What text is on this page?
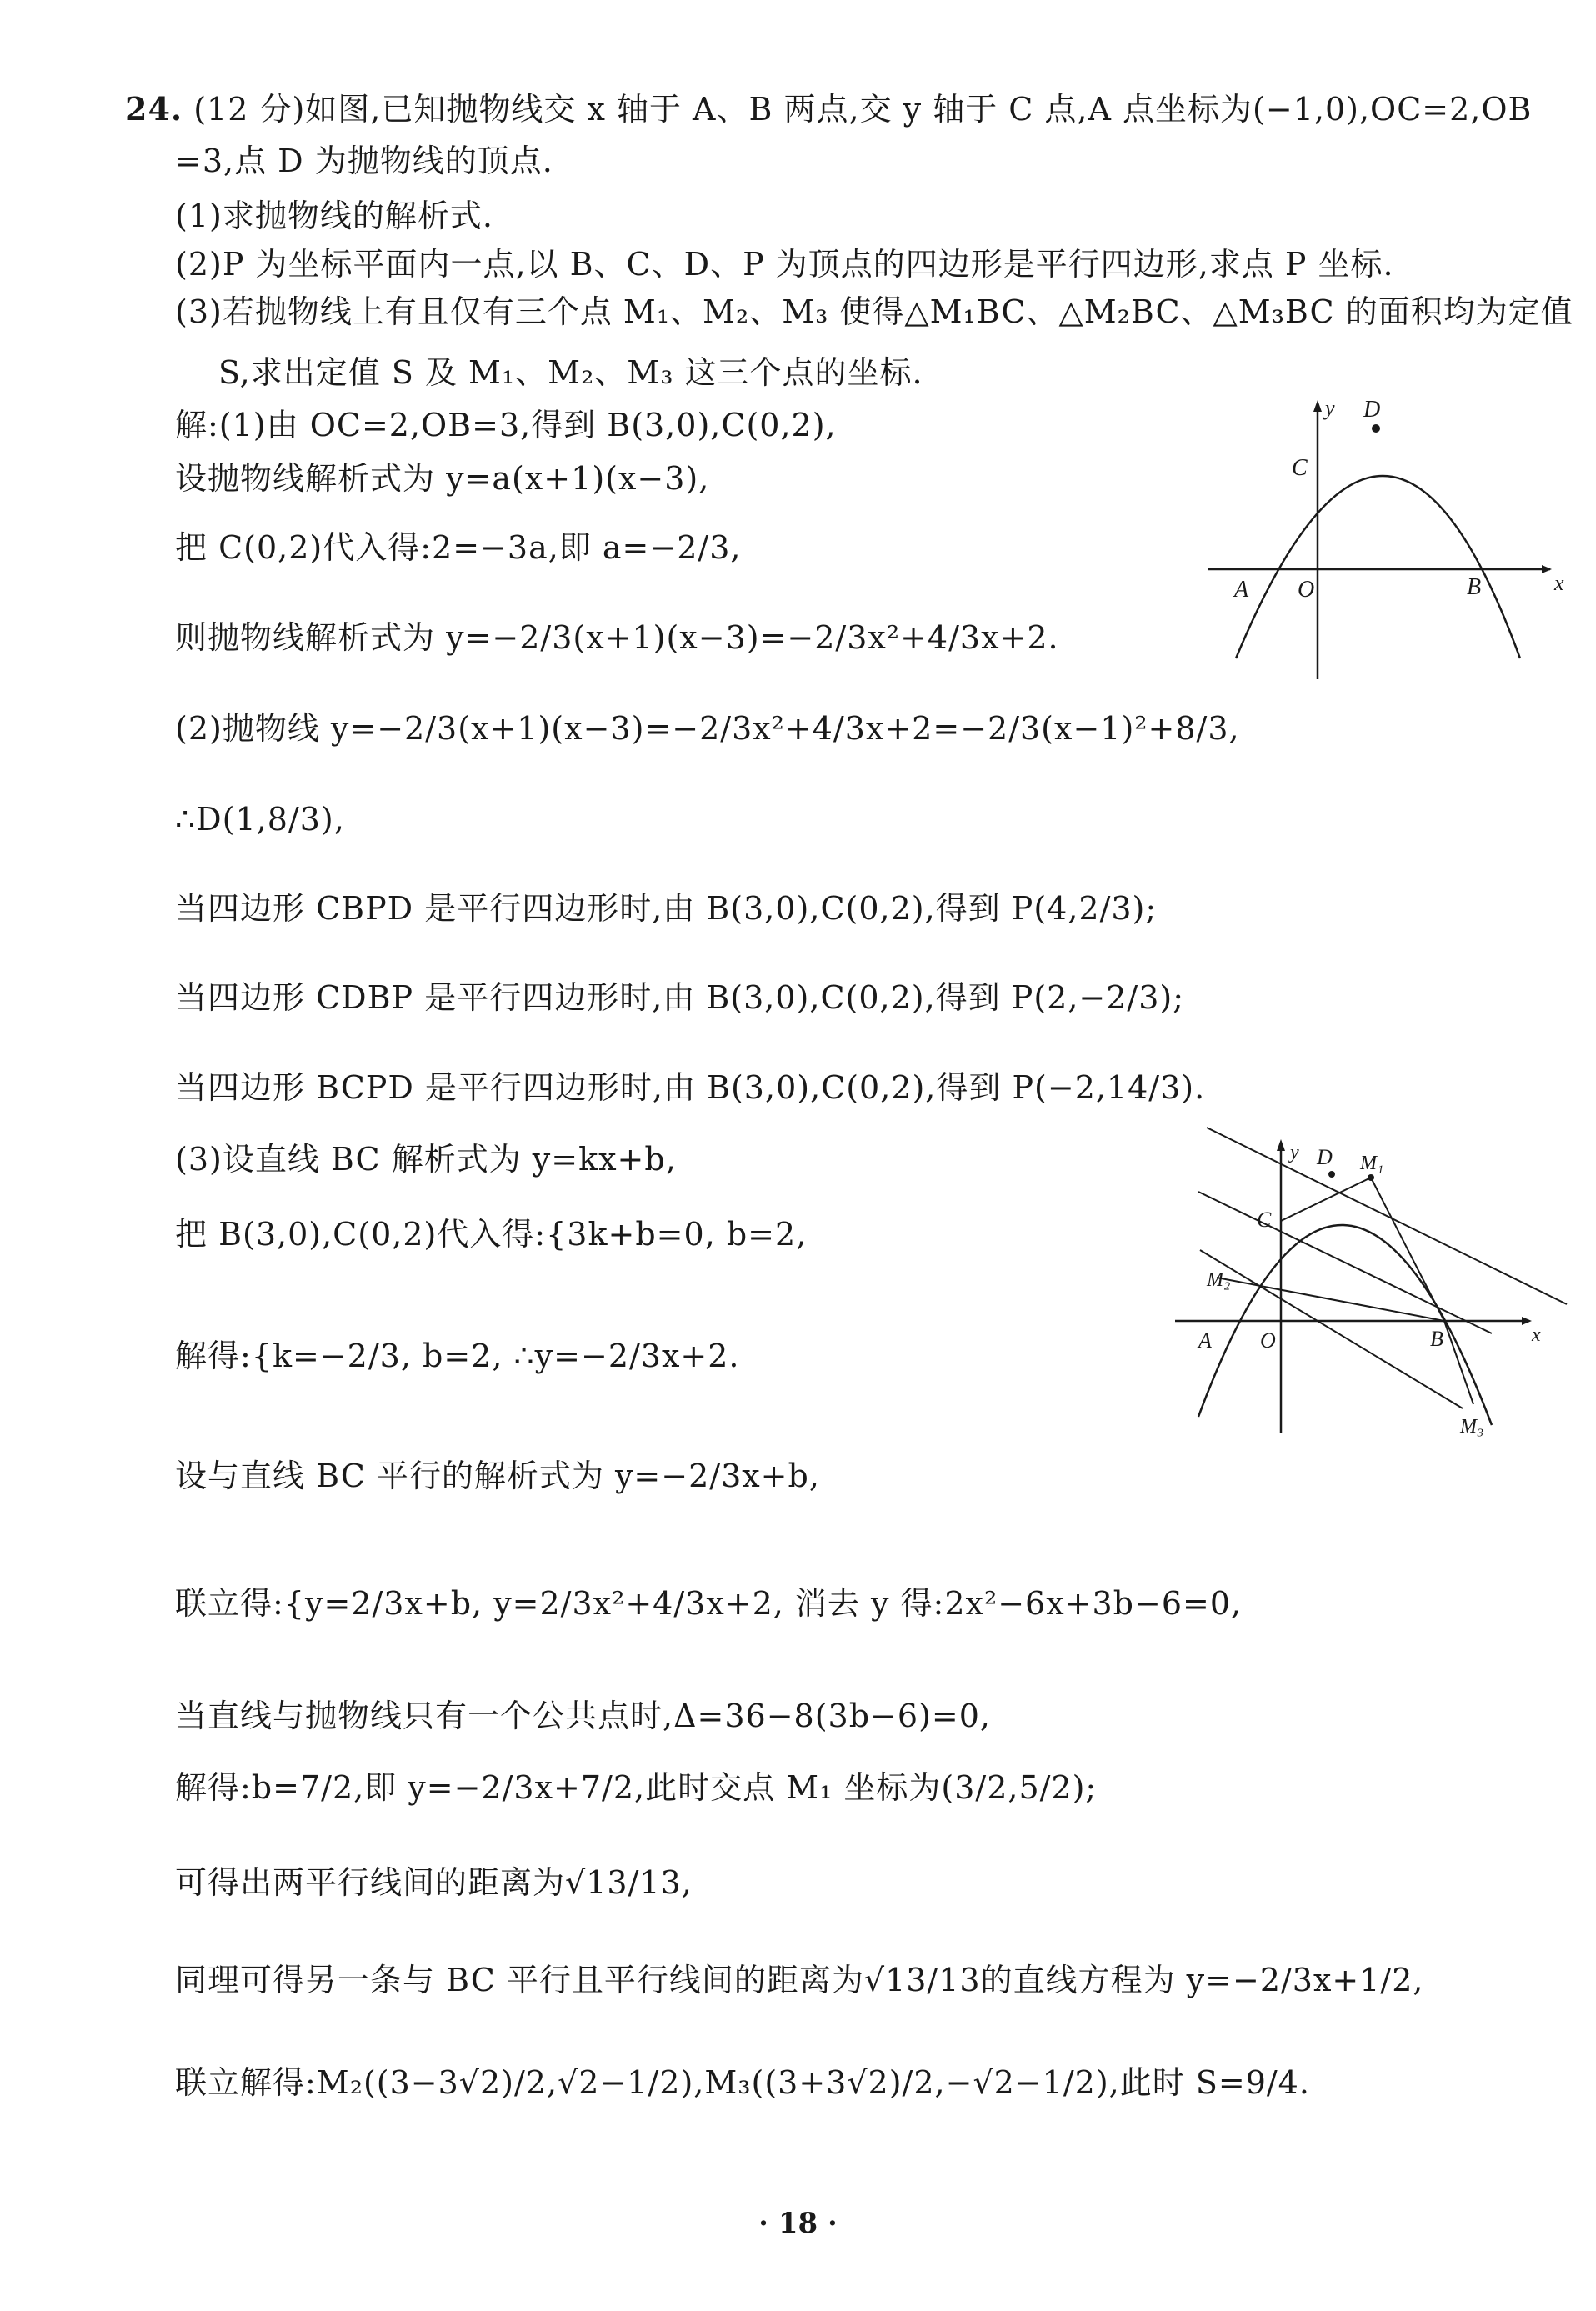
24. (12 分)如图,已知抛物线交 x 轴于 A、B 两点,交 y 轴于 C 点,A 点坐标为(−1,0),OC=2,OB
=3,点 D 为抛物线的顶点.
(1)求抛物线的解析式.
(2)P 为坐标平面内一点,以 B、C、D、P 为顶点的四边形是平行四边形,求点 P 坐标.
(3)若抛物线上有且仅有三个点 M₁、M₂、M₃ 使得△M₁BC、△M₂BC、△M₃BC 的面积均为定值
S,求出定值 S 及 M₁、M₂、M₃ 这三个点的坐标.
解:(1)由 OC=2,OB=3,得到 B(3,0),C(0,2),
设抛物线解析式为 y=a(x+1)(x−3),
把 C(0,2)代入得:2=−3a,即 a=−2/3,
则抛物线解析式为 y=−2/3(x+1)(x−3)=−2/3x²+4/3x+2.
(2)抛物线 y=−2/3(x+1)(x−3)=−2/3x²+4/3x+2=−2/3(x−1)²+8/3,
∴D(1,8/3),
当四边形 CBPD 是平行四边形时,由 B(3,0),C(0,2),得到 P(4,2/3);
当四边形 CDBP 是平行四边形时,由 B(3,0),C(0,2),得到 P(2,−2/3);
当四边形 BCPD 是平行四边形时,由 B(3,0),C(0,2),得到 P(−2,14/3).
(3)设直线 BC 解析式为 y=kx+b,
把 B(3,0),C(0,2)代入得:{3k+b=0, b=2,
解得:{k=−2/3, b=2, ∴y=−2/3x+2.
设与直线 BC 平行的解析式为 y=−2/3x+b,
联立得:{y=2/3x+b, y=2/3x²+4/3x+2, 消去 y 得:2x²−6x+3b−6=0,
当直线与抛物线只有一个公共点时,Δ=36−8(3b−6)=0,
解得:b=7/2,即 y=−2/3x+7/2,此时交点 M₁ 坐标为(3/2,5/2);
可得出两平行线间的距离为√13/13,
同理可得另一条与 BC 平行且平行线间的距离为√13/13的直线方程为 y=−2/3x+1/2,
联立解得:M₂((3−3√2)/2,√2−1/2),M₃((3+3√2)/2,−√2−1/2),此时 S=9/4.
y
x
D
C
A O	B
y
x
D M₁
C
M₂
A O	B
M₃
· 18 ·
